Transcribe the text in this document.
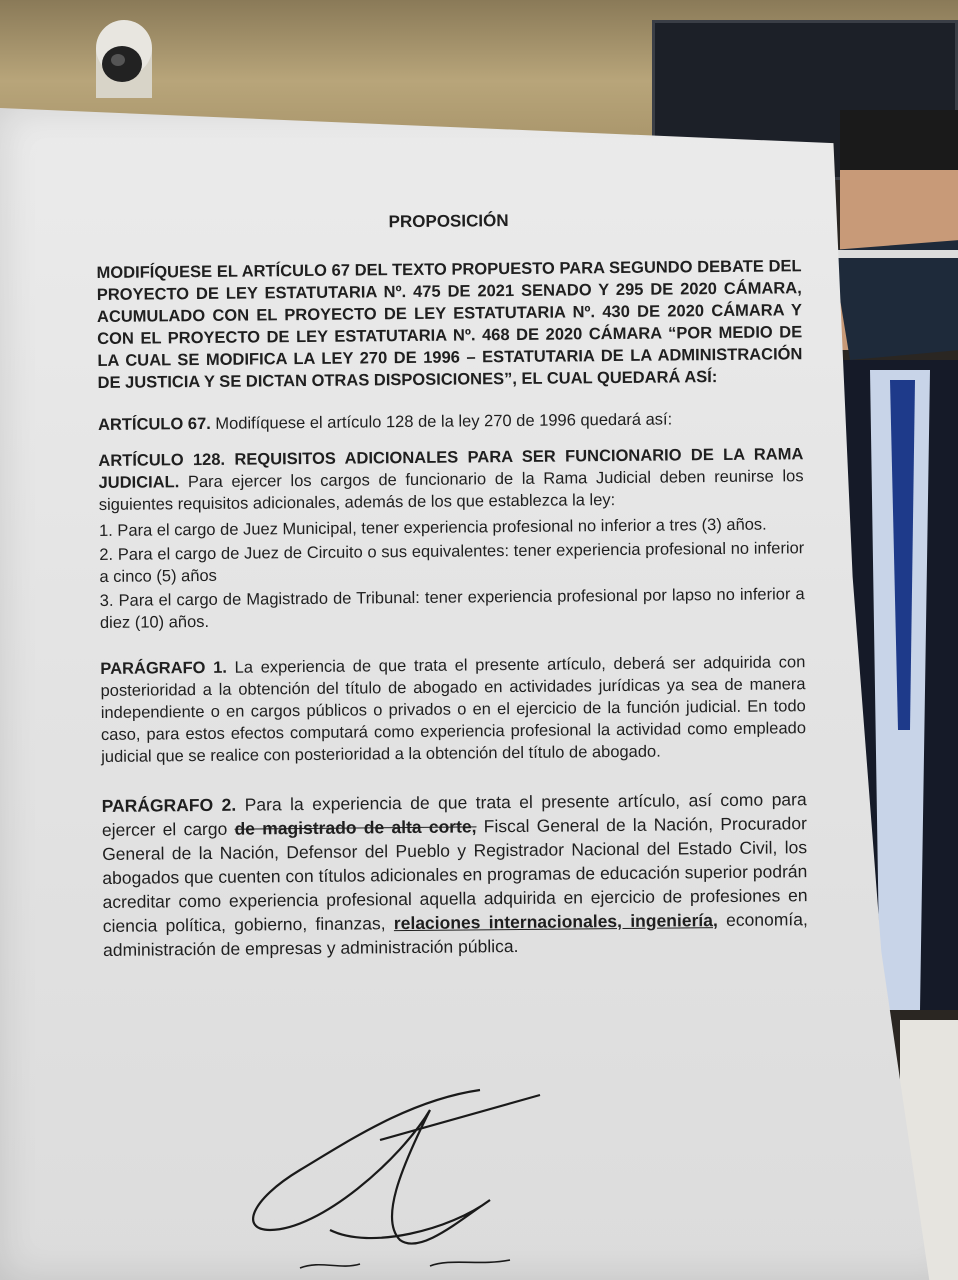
PROPOSICIÓN
MODIFÍQUESE EL ARTÍCULO 67 DEL TEXTO PROPUESTO PARA SEGUNDO DEBATE DEL PROYECTO DE LEY ESTATUTARIA Nº. 475 DE 2021 SENADO Y 295 DE 2020 CÁMARA, ACUMULADO CON EL PROYECTO DE LEY ESTATUTARIA Nº. 430 DE 2020 CÁMARA Y CON EL PROYECTO DE LEY ESTATUTARIA Nº. 468 DE 2020 CÁMARA “POR MEDIO DE LA CUAL SE MODIFICA LA LEY 270 DE 1996 – ESTATUTARIA DE LA ADMINISTRACIÓN DE JUSTICIA Y SE DICTAN OTRAS DISPOSICIONES”, EL CUAL QUEDARÁ ASÍ:
ARTÍCULO 67. Modifíquese el artículo 128 de la ley 270 de 1996 quedará así:
ARTÍCULO 128. REQUISITOS ADICIONALES PARA SER FUNCIONARIO DE LA RAMA JUDICIAL. Para ejercer los cargos de funcionario de la Rama Judicial deben reunirse los siguientes requisitos adicionales, además de los que establezca la ley:
1. Para el cargo de Juez Municipal, tener experiencia profesional no inferior a tres (3) años.
2. Para el cargo de Juez de Circuito o sus equivalentes: tener experiencia profesional no inferior a cinco (5) años
3. Para el cargo de Magistrado de Tribunal: tener experiencia profesional por lapso no inferior a diez (10) años.
PARÁGRAFO 1. La experiencia de que trata el presente artículo, deberá ser adquirida con posterioridad a la obtención del título de abogado en actividades jurídicas ya sea de manera independiente o en cargos públicos o privados o en el ejercicio de la función judicial. En todo caso, para estos efectos computará como experiencia profesional la actividad como empleado judicial que se realice con posterioridad a la obtención del título de abogado.
PARÁGRAFO 2. Para la experiencia de que trata el presente artículo, así como para ejercer el cargo de magistrado de alta corte, Fiscal General de la Nación, Procurador General de la Nación, Defensor del Pueblo y Registrador Nacional del Estado Civil, los abogados que cuenten con títulos adicionales en programas de educación superior podrán acreditar como experiencia profesional aquella adquirida en ejercicio de profesiones en ciencia política, gobierno, finanzas, relaciones internacionales, ingeniería, economía, administración de empresas y administración pública.
